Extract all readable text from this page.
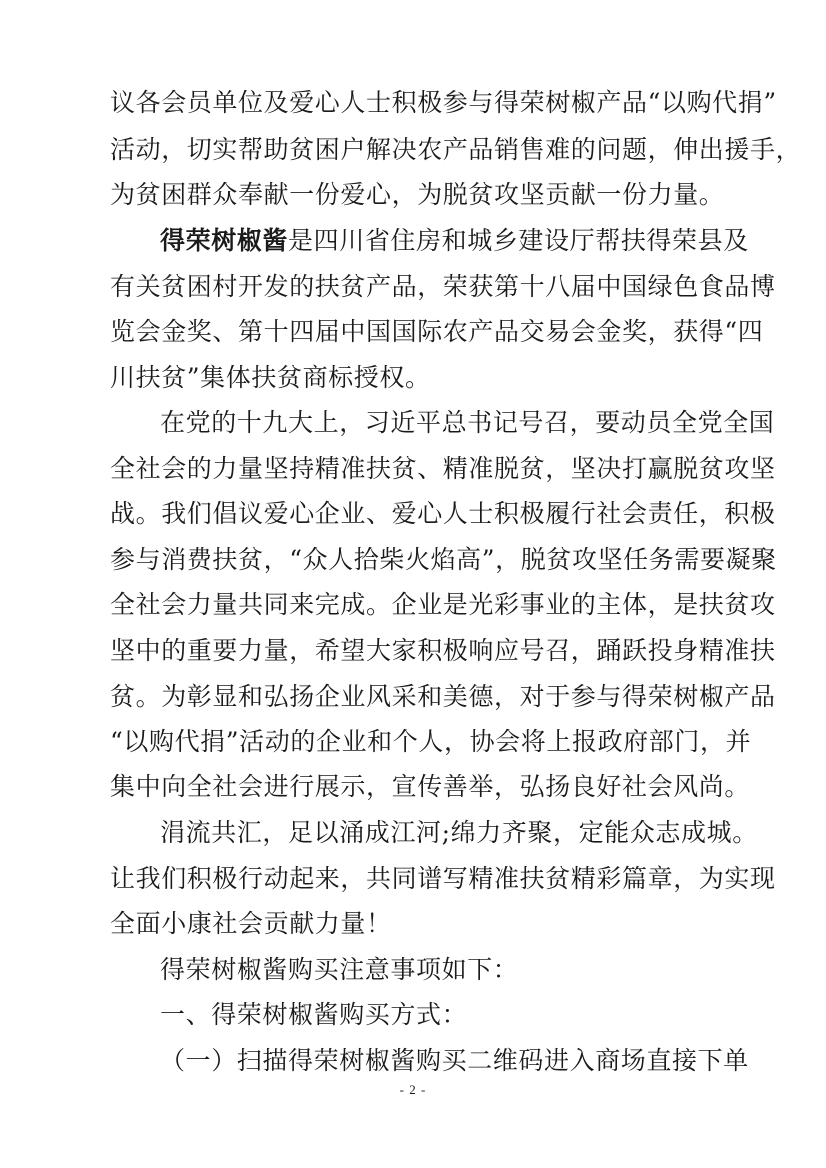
议各会员单位及爱心人士积极参与得荣树椒产品“以购代捐”
活动，切实帮助贫困户解决农产品销售难的问题，伸出援手，
为贫困群众奉献一份爱心，为脱贫攻坚贡献一份力量。
得荣树椒酱是四川省住房和城乡建设厅帮扶得荣县及
有关贫困村开发的扶贫产品，荣获第十八届中国绿色食品博
览会金奖、第十四届中国国际农产品交易会金奖，获得“四
川扶贫”集体扶贫商标授权。
在党的十九大上，习近平总书记号召，要动员全党全国
全社会的力量坚持精准扶贫、精准脱贫，坚决打赢脱贫攻坚
战。我们倡议爱心企业、爱心人士积极履行社会责任，积极
参与消费扶贫，“众人拾柴火焰高”，脱贫攻坚任务需要凝聚
全社会力量共同来完成。企业是光彩事业的主体，是扶贫攻
坚中的重要力量，希望大家积极响应号召，踊跃投身精准扶
贫。为彰显和弘扬企业风采和美德，对于参与得荣树椒产品
“以购代捐”活动的企业和个人，协会将上报政府部门，并
集中向全社会进行展示，宣传善举，弘扬良好社会风尚。
涓流共汇，足以涌成江河;绵力齐聚，定能众志成城。
让我们积极行动起来，共同谱写精准扶贫精彩篇章，为实现
全面小康社会贡献力量！
得荣树椒酱购买注意事项如下：
一、得荣树椒酱购买方式：
（一）扫描得荣树椒酱购买二维码进入商场直接下单
- 2 -
